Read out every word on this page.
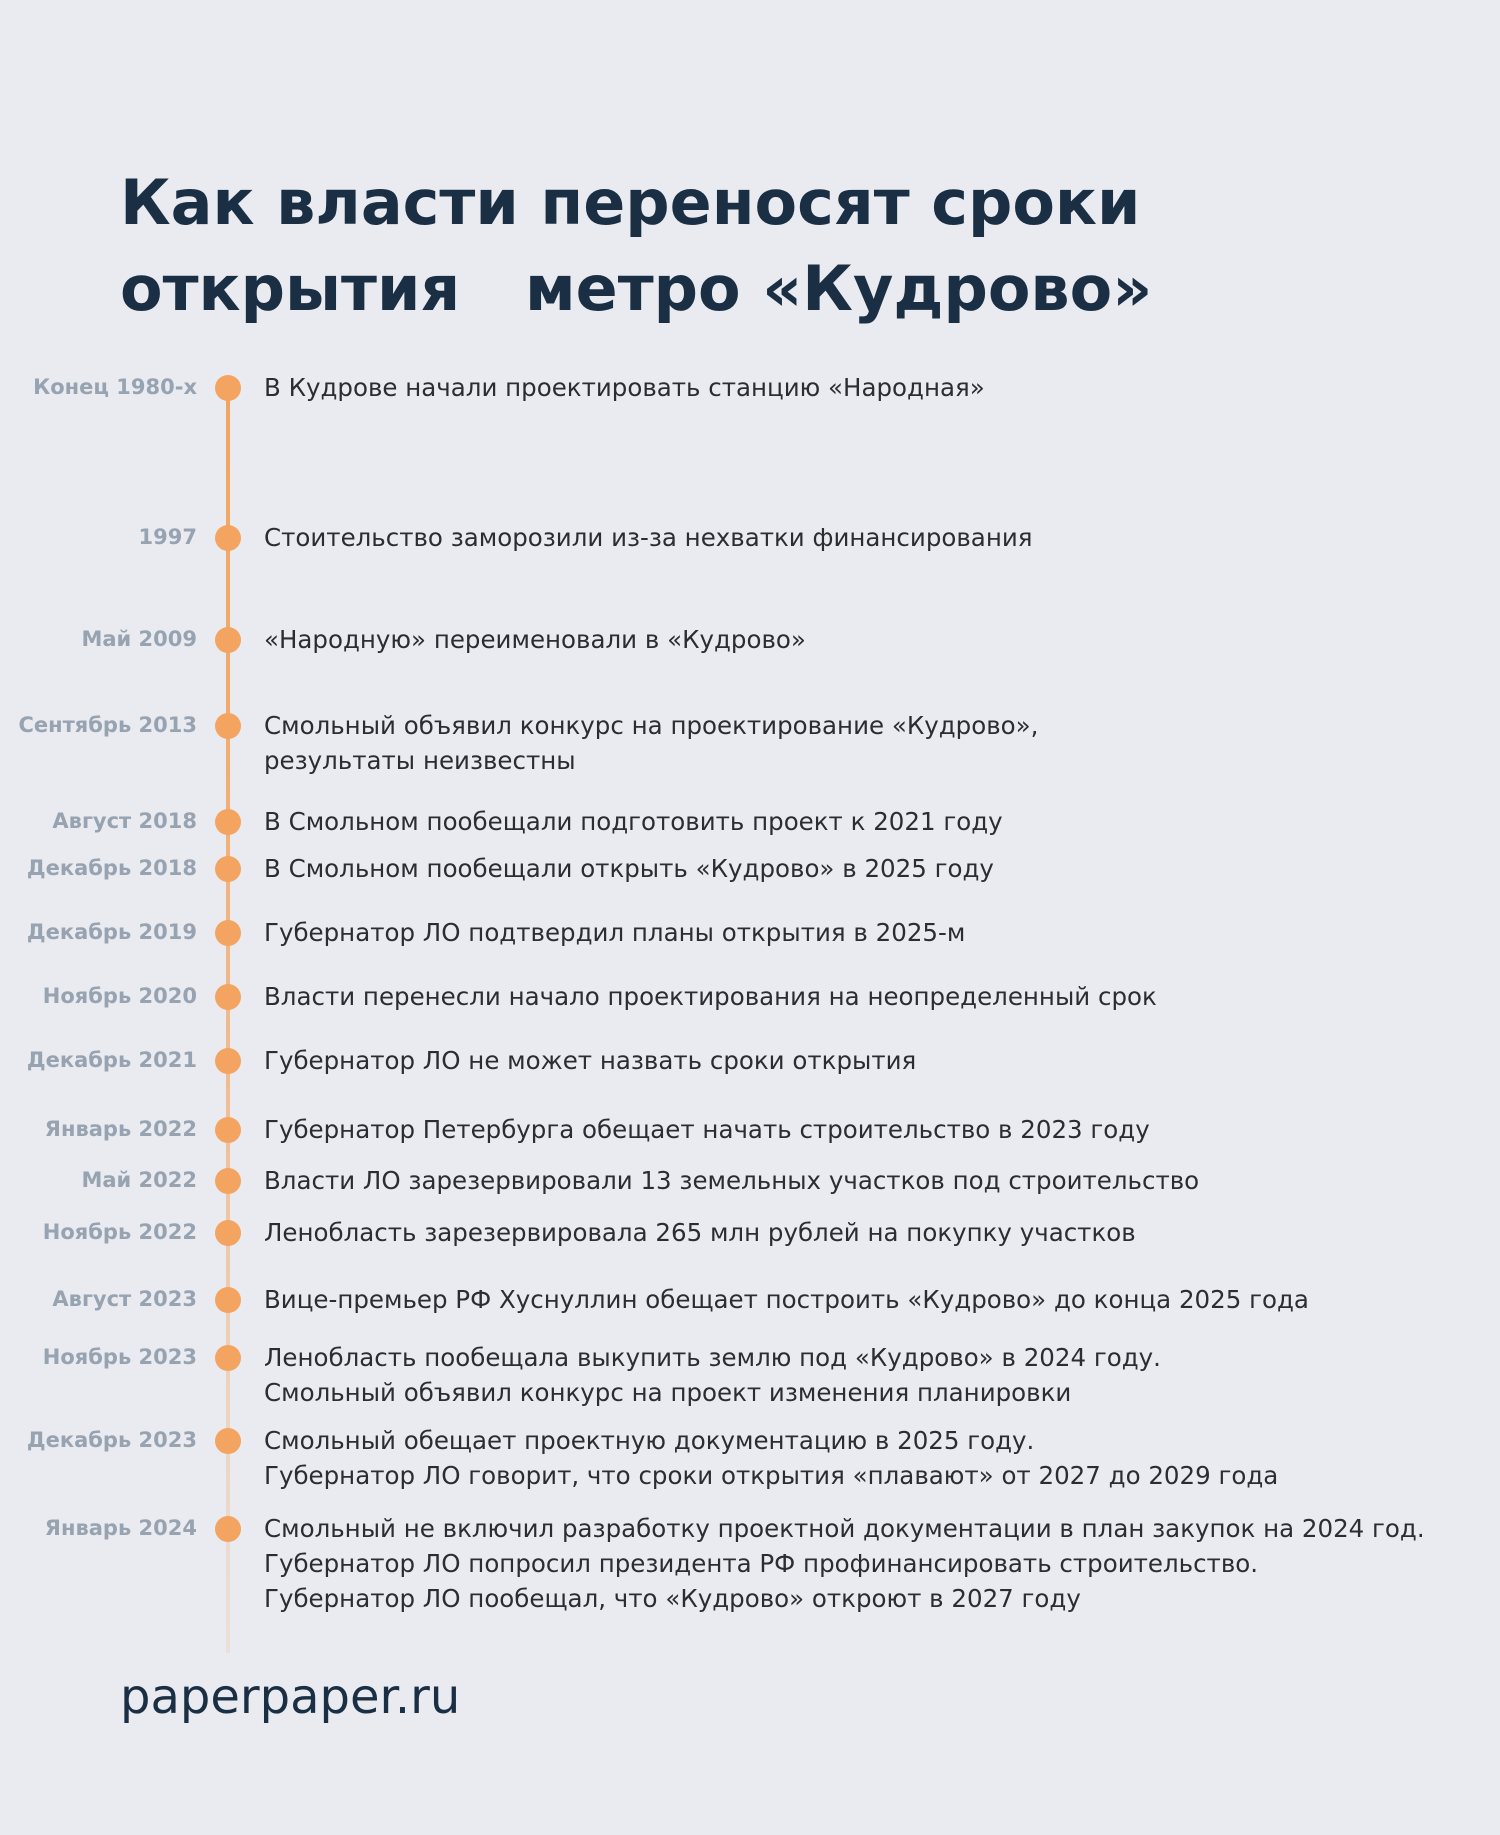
Как власти переносят сроки
открытия   метро «Кудрово»
Конец 1980-х	В Кудрове начали проектировать станцию «Народная»
1997	Стоительство заморозили из-за нехватки финансирования
Май 2009	«Народную» переименовали в «Кудрово»
Сентябрь 2013	Смольный объявил конкурс на проектирование «Кудрово»,
результаты неизвестны
Август 2018	В Смольном пообещали подготовить проект к 2021 году
Декабрь 2018	В Смольном пообещали открыть «Кудрово» в 2025 году
Декабрь 2019	Губернатор ЛО подтвердил планы открытия в 2025-м
Ноябрь 2020	Власти перенесли начало проектирования на неопределенный срок
Декабрь 2021	Губернатор ЛО не может назвать сроки открытия
Январь 2022	Губернатор Петербурга обещает начать строительство в 2023 году
Май 2022	Власти ЛО зарезервировали 13 земельных участков под строительство
Ноябрь 2022	Ленобласть зарезервировала 265 млн рублей на покупку участков
Август 2023	Вице-премьер РФ Хуснуллин обещает построить «Кудрово» до конца 2025 года
Ноябрь 2023	Ленобласть пообещала выкупить землю под «Кудрово» в 2024 году.
Смольный объявил конкурс на проект изменения планировки
Декабрь 2023	Смольный обещает проектную документацию в 2025 году.
Губернатор ЛО говорит, что сроки открытия «плавают» от 2027 до 2029 года
Январь 2024	Смольный не включил разработку проектной документации в план закупок на 2024 год.
Губернатор ЛО попросил президента РФ профинансировать строительство.
Губернатор ЛО пообещал, что «Кудрово» откроют в 2027 году
paperpaper.ru
